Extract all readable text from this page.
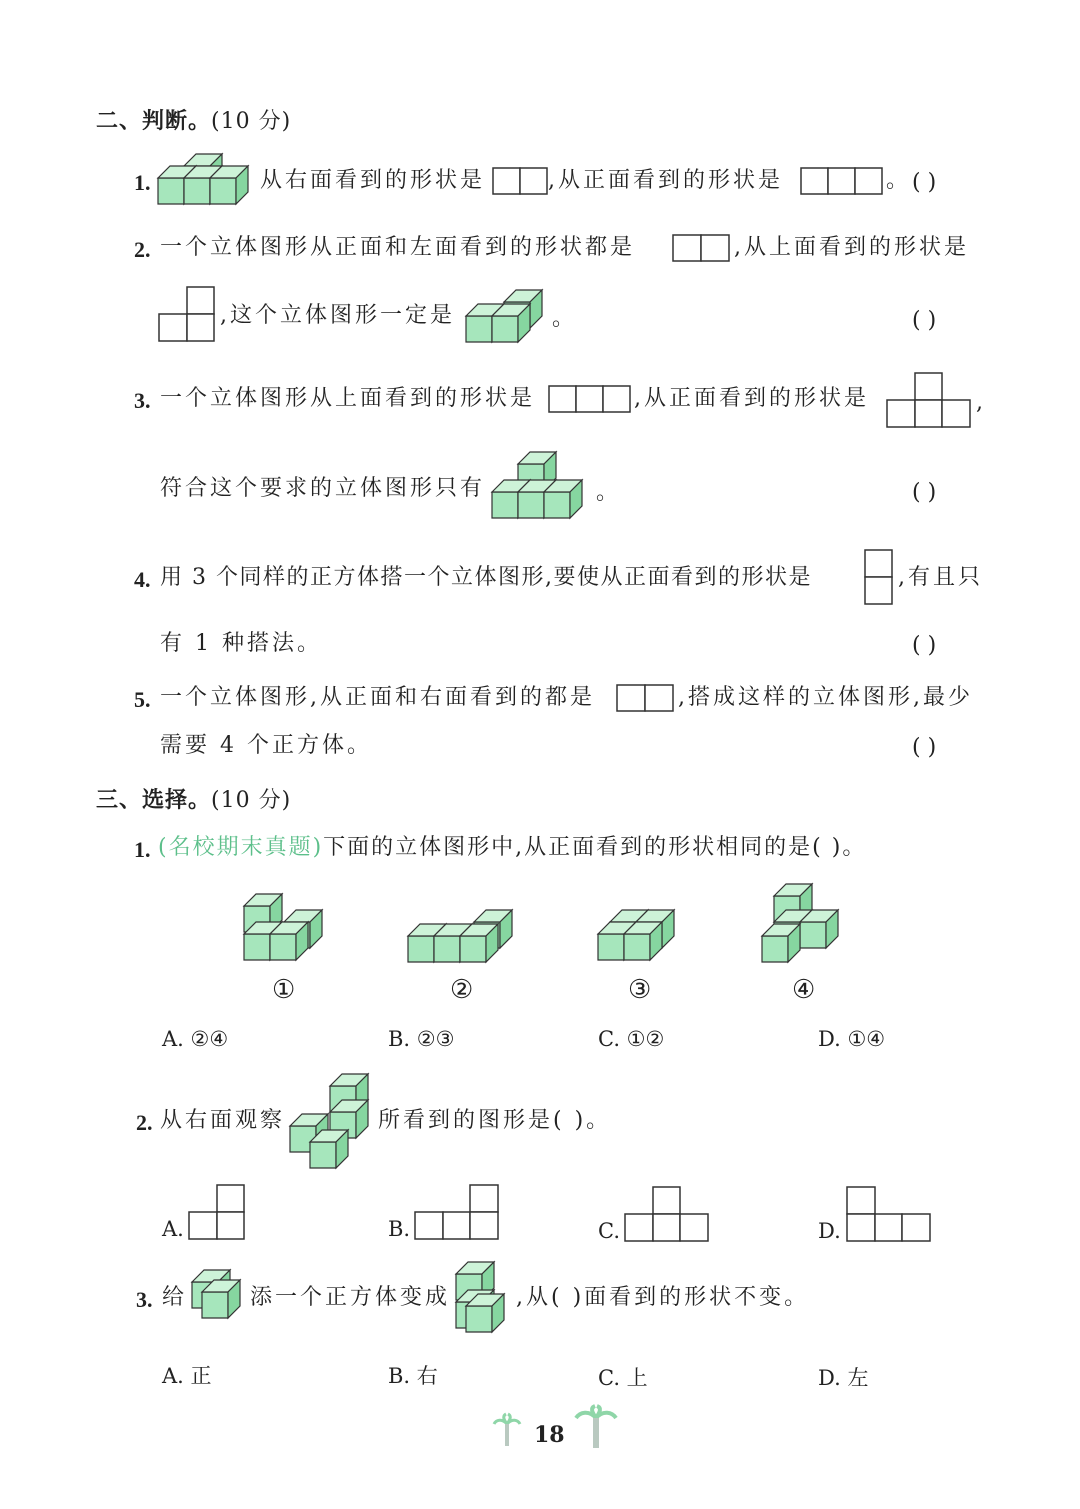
二、判断。(10 分)
1.	从右面看到的形状是	,从正面看到的形状是	。 ( )
2. 一个立体图形从正面和左面看到的形状都是	,从上面看到的形状是
,这个立体图形一定是	。	( )
3. 一个立体图形从上面看到的形状是	,从正面看到的形状是	,
符合这个要求的立体图形只有	。	( )
4. 用 3 个同样的正方体搭一个立体图形,要使从正面看到的形状是	,有且只
有 1 种搭法。	( )
5. 一个立体图形,从正面和右面看到的都是	,搭成这样的立体图形,最少
需要 4 个正方体。	( )
三、选择。(10 分)
1. (名校期末真题)下面的立体图形中,从正面看到的形状相同的是( )。
①	②	③	④
A. ②④	B. ②③	C. ①②	D. ①④
2. 从右面观察	所看到的图形是( )。
A.	B.	C.	D.
3. 给	添一个正方体变成	,从( )面看到的形状不变。
A. 正	B. 右	C. 上	D. 左
18
